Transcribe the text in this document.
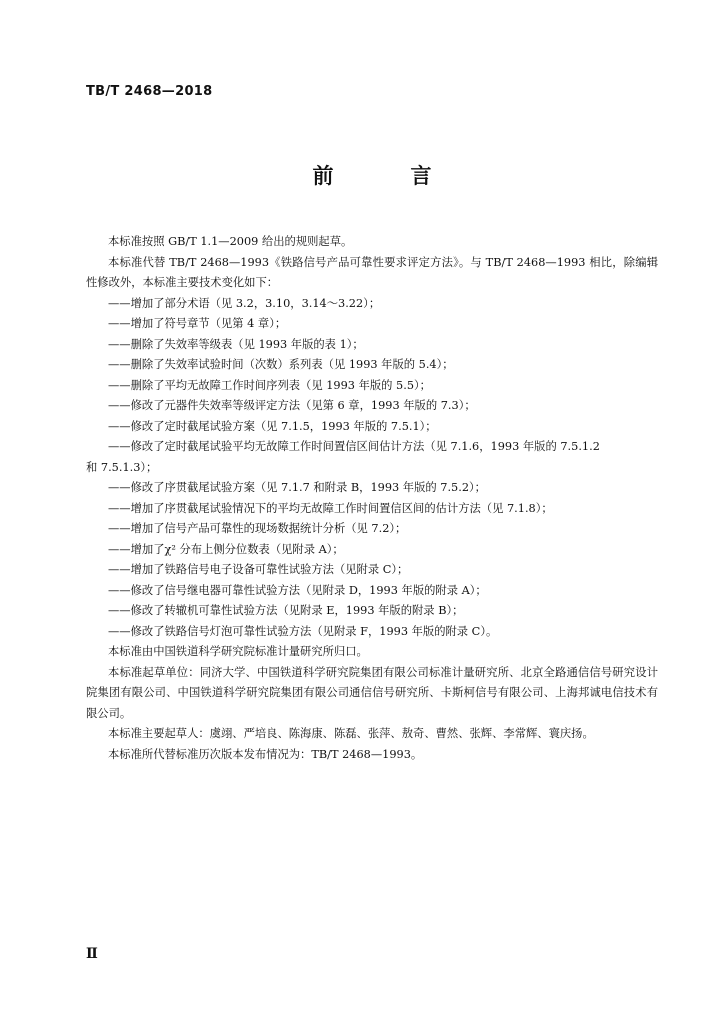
TB/T 2468—2018
前　言

本标准按照 GB/T 1.1—2009 给出的规则起草。

本标准代替 TB/T 2468—1993《铁路信号产品可靠性要求评定方法》。与 TB/T 2468—1993 相比，除编辑性修改外，本标准主要技术变化如下：

——增加了部分术语（见 3.2，3.10，3.14～3.22）；

——增加了符号章节（见第 4 章）；

——删除了失效率等级表（见 1993 年版的表 1）；

——删除了失效率试验时间（次数）系列表（见 1993 年版的 5.4）；

——删除了平均无故障工作时间序列表（见 1993 年版的 5.5）；

——修改了元器件失效率等级评定方法（见第 6 章，1993 年版的 7.3）；

——修改了定时截尾试验方案（见 7.1.5，1993 年版的 7.5.1）；

——修改了定时截尾试验平均无故障工作时间置信区间估计方法（见 7.1.6，1993 年版的 7.5.1.2

和 7.5.1.3）；

——修改了序贯截尾试验方案（见 7.1.7 和附录 B，1993 年版的 7.5.2）；

——增加了序贯截尾试验情况下的平均无故障工作时间置信区间的估计方法（见 7.1.8）；

——增加了信号产品可靠性的现场数据统计分析（见 7.2）；

——增加了χ² 分布上侧分位数表（见附录 A）；

——增加了铁路信号电子设备可靠性试验方法（见附录 C）；

——修改了信号继电器可靠性试验方法（见附录 D，1993 年版的附录 A）；

——修改了转辙机可靠性试验方法（见附录 E，1993 年版的附录 B）；

——修改了铁路信号灯泡可靠性试验方法（见附录 F，1993 年版的附录 C）。

本标准由中国铁道科学研究院标准计量研究所归口。

本标准起草单位：同济大学、中国铁道科学研究院集团有限公司标准计量研究所、北京全路通信信号研究设计院集团有限公司、中国铁道科学研究院集团有限公司通信信号研究所、卡斯柯信号有限公司、上海邦诚电信技术有限公司。

本标准主要起草人：虞翊、严培良、陈海康、陈磊、张萍、敖奇、曹然、张辉、李常辉、寰庆扬。

本标准所代替标准历次版本发布情况为：TB/T 2468—1993。

Ⅱ
